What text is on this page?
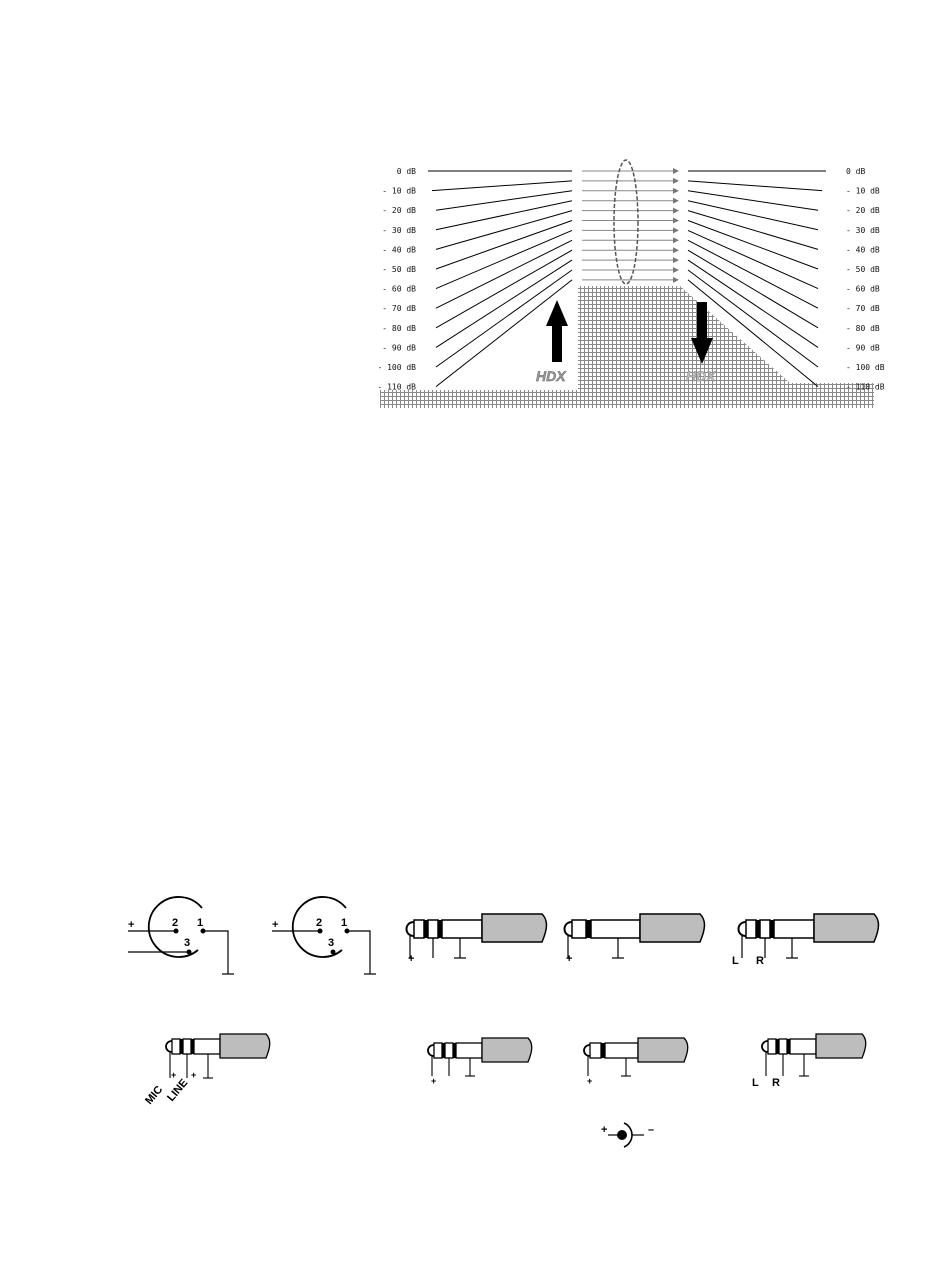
HDX	HDX
0 dB
- 10 dB
- 20 dB
- 30 dB
- 40 dB
- 50 dB
- 60 dB
- 70 dB
- 80 dB
- 90 dB
- 100 dB
- 110 dB
0 dB
- 10 dB
- 20 dB
- 30 dB
- 40 dB
- 50 dB
- 60 dB
- 70 dB
- 80 dB
- 90 dB
- 100 dB
- 110 dB
2 1
3
+	2 1
3
+
+	+	L R
+ +
MIC LINE	+	+	L R
+	–
